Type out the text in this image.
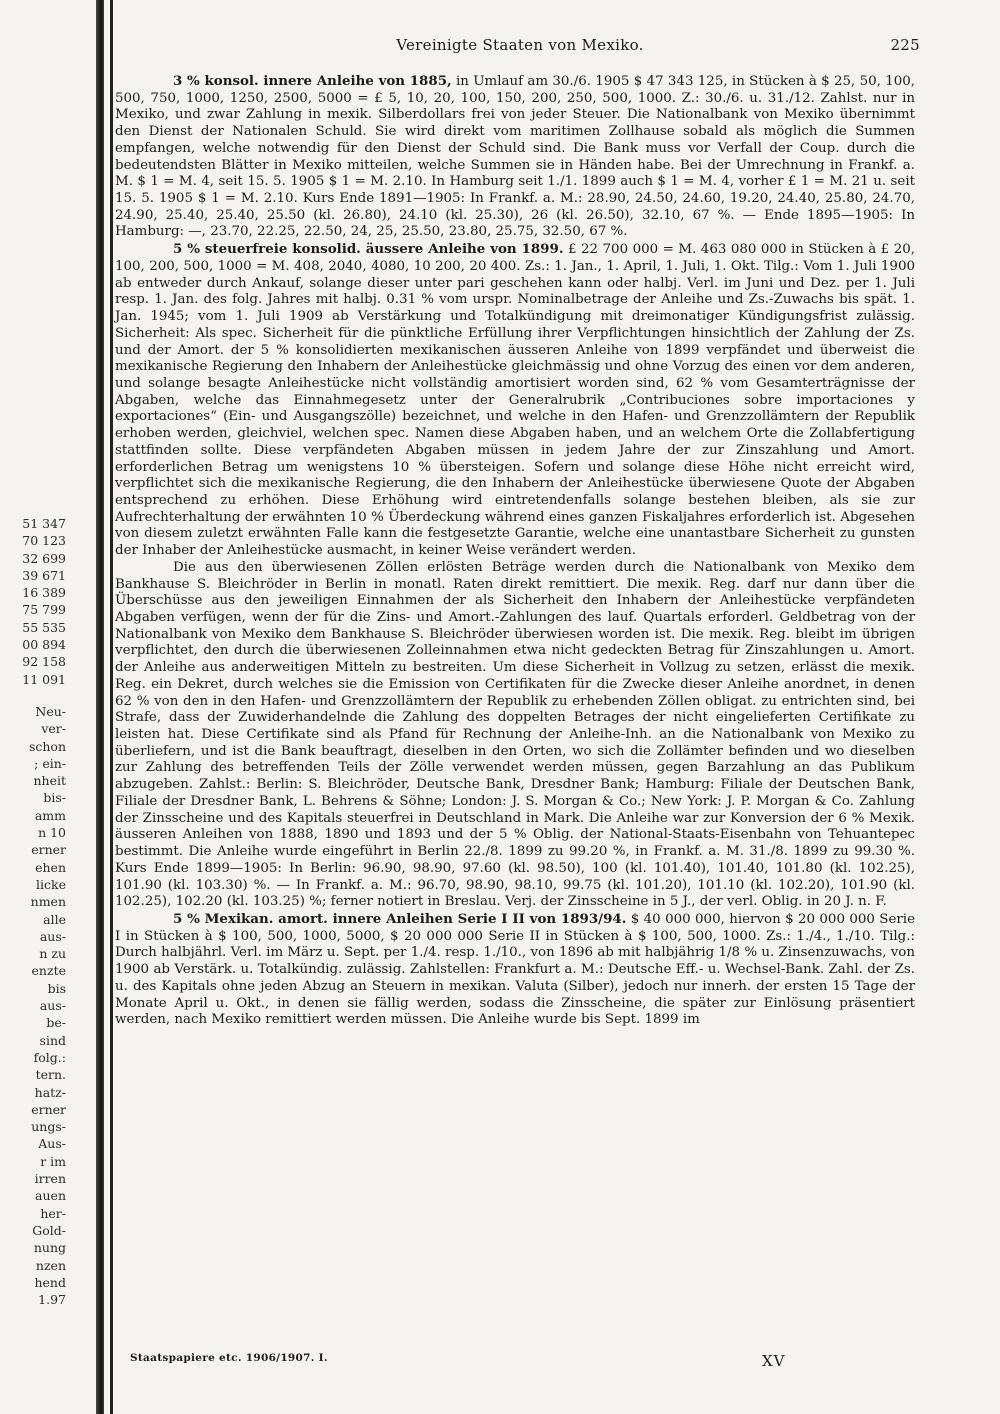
51 347
70 123
32 699
39 671
16 389
75 799
55 535
00 894
92 158
11 091
Neu-
ver-
schon
; ein-
nheit
bis-
amm
n 10
erner
ehen
licke
nmen
alle
aus-
n zu
enzte
bis
aus-
be-
sind
folg.:
tern.
hatz-
erner
ungs-
Aus-
r im
irren
auen
her-
Gold-
nung
nzen
hend
1.97
Vereinigte Staaten von Mexiko.	225

3 % konsol. innere Anleihe von 1885, in Umlauf am 30./6. 1905 $ 47 343 125, in Stücken à $ 25, 50, 100, 500, 750, 1000, 1250, 2500, 5000 = £ 5, 10, 20, 100, 150, 200, 250, 500, 1000. Z.: 30./6. u. 31./12. Zahlst. nur in Mexiko, und zwar Zahlung in mexik. Silberdollars frei von jeder Steuer. Die Nationalbank von Mexiko übernimmt den Dienst der Nationalen Schuld. Sie wird direkt vom maritimen Zollhause sobald als möglich die Summen empfangen, welche notwendig für den Dienst der Schuld sind. Die Bank muss vor Verfall der Coup. durch die bedeutendsten Blätter in Mexiko mitteilen, welche Summen sie in Händen habe. Bei der Umrechnung in Frankf. a. M. $ 1 = M. 4, seit 15. 5. 1905 $ 1 = M. 2.10. In Hamburg seit 1./1. 1899 auch $ 1 = M. 4, vorher £ 1 = M. 21 u. seit 15. 5. 1905 $ 1 = M. 2.10. Kurs Ende 1891—1905: In Frankf. a. M.: 28.90, 24.50, 24.60, 19.20, 24.40, 25.80, 24.70, 24.90, 25.40, 25.40, 25.50 (kl. 26.80), 24.10 (kl. 25.30), 26 (kl. 26.50), 32.10, 67 %. — Ende 1895—1905: In Hamburg: —, 23.70, 22.25, 22.50, 24, 25, 25.50, 23.80, 25.75, 32.50, 67 %.

5 % steuerfreie konsolid. äussere Anleihe von 1899. £ 22 700 000 = M. 463 080 000 in Stücken à £ 20, 100, 200, 500, 1000 = M. 408, 2040, 4080, 10 200, 20 400. Zs.: 1. Jan., 1. April, 1. Juli, 1. Okt. Tilg.: Vom 1. Juli 1900 ab entweder durch Ankauf, solange dieser unter pari geschehen kann oder halbj. Verl. im Juni und Dez. per 1. Juli resp. 1. Jan. des folg. Jahres mit halbj. 0.31 % vom urspr. Nominalbetrage der Anleihe und Zs.-Zuwachs bis spät. 1. Jan. 1945; vom 1. Juli 1909 ab Verstärkung und Totalkündigung mit dreimonatiger Kündigungsfrist zulässig. Sicherheit: Als spec. Sicherheit für die pünktliche Erfüllung ihrer Verpflichtungen hinsichtlich der Zahlung der Zs. und der Amort. der 5 % konsolidierten mexikanischen äusseren Anleihe von 1899 verpfändet und überweist die mexikanische Regierung den Inhabern der Anleihestücke gleichmässig und ohne Vorzug des einen vor dem anderen, und solange besagte Anleihestücke nicht vollständig amortisiert worden sind, 62 % vom Gesamterträgnisse der Abgaben, welche das Einnahmegesetz unter der Generalrubrik „Contribuciones sobre importaciones y exportaciones“ (Ein- und Ausgangszölle) bezeichnet, und welche in den Hafen- und Grenzzollämtern der Republik erhoben werden, gleichviel, welchen spec. Namen diese Abgaben haben, und an welchem Orte die Zollabfertigung stattfinden sollte. Diese verpfändeten Abgaben müssen in jedem Jahre der zur Zinszahlung und Amort. erforderlichen Betrag um wenigstens 10 % übersteigen. Sofern und solange diese Höhe nicht erreicht wird, verpflichtet sich die mexikanische Regierung, die den Inhabern der Anleihestücke überwiesene Quote der Abgaben entsprechend zu erhöhen. Diese Erhöhung wird eintretendenfalls solange bestehen bleiben, als sie zur Aufrechterhaltung der erwähnten 10 % Überdeckung während eines ganzen Fiskaljahres erforderlich ist. Abgesehen von diesem zuletzt erwähnten Falle kann die festgesetzte Garantie, welche eine unantastbare Sicherheit zu gunsten der Inhaber der Anleihestücke ausmacht, in keiner Weise verändert werden.

Die aus den überwiesenen Zöllen erlösten Beträge werden durch die Nationalbank von Mexiko dem Bankhause S. Bleichröder in Berlin in monatl. Raten direkt remittiert. Die mexik. Reg. darf nur dann über die Überschüsse aus den jeweiligen Einnahmen der als Sicherheit den Inhabern der Anleihestücke verpfändeten Abgaben verfügen, wenn der für die Zins- und Amort.-Zahlungen des lauf. Quartals erforderl. Geldbetrag von der Nationalbank von Mexiko dem Bankhause S. Bleichröder überwiesen worden ist. Die mexik. Reg. bleibt im übrigen verpflichtet, den durch die überwiesenen Zolleinnahmen etwa nicht gedeckten Betrag für Zinszahlungen u. Amort. der Anleihe aus anderweitigen Mitteln zu bestreiten. Um diese Sicherheit in Vollzug zu setzen, erlässt die mexik. Reg. ein Dekret, durch welches sie die Emission von Certifikaten für die Zwecke dieser Anleihe anordnet, in denen 62 % von den in den Hafen- und Grenzzollämtern der Republik zu erhebenden Zöllen obligat. zu entrichten sind, bei Strafe, dass der Zuwiderhandelnde die Zahlung des doppelten Betrages der nicht eingelieferten Certifikate zu leisten hat. Diese Certifikate sind als Pfand für Rechnung der Anleihe-Inh. an die Nationalbank von Mexiko zu überliefern, und ist die Bank beauftragt, dieselben in den Orten, wo sich die Zollämter befinden und wo dieselben zur Zahlung des betreffenden Teils der Zölle verwendet werden müssen, gegen Barzahlung an das Publikum abzugeben. Zahlst.: Berlin: S. Bleichröder, Deutsche Bank, Dresdner Bank; Hamburg: Filiale der Deutschen Bank, Filiale der Dresdner Bank, L. Behrens & Söhne; London: J. S. Morgan & Co.; New York: J. P. Morgan & Co. Zahlung der Zinsscheine und des Kapitals steuerfrei in Deutschland in Mark. Die Anleihe war zur Konversion der 6 % Mexik. äusseren Anleihen von 1888, 1890 und 1893 und der 5 % Oblig. der National-Staats-Eisenbahn von Tehuantepec bestimmt. Die Anleihe wurde eingeführt in Berlin 22./8. 1899 zu 99.20 %, in Frankf. a. M. 31./8. 1899 zu 99.30 %. Kurs Ende 1899—1905: In Berlin: 96.90, 98.90, 97.60 (kl. 98.50), 100 (kl. 101.40), 101.40, 101.80 (kl. 102.25), 101.90 (kl. 103.30) %. — In Frankf. a. M.: 96.70, 98.90, 98.10, 99.75 (kl. 101.20), 101.10 (kl. 102.20), 101.90 (kl. 102.25), 102.20 (kl. 103.25) %; ferner notiert in Breslau. Verj. der Zinsscheine in 5 J., der verl. Oblig. in 20 J. n. F.

5 % Mexikan. amort. innere Anleihen Serie I II von 1893/94. $ 40 000 000, hiervon $ 20 000 000 Serie I in Stücken à $ 100, 500, 1000, 5000, $ 20 000 000 Serie II in Stücken à $ 100, 500, 1000. Zs.: 1./4., 1./10. Tilg.: Durch halbjährl. Verl. im März u. Sept. per 1./4. resp. 1./10., von 1896 ab mit halbjährig 1/8 % u. Zinsenzuwachs, von 1900 ab Verstärk. u. Totalkündig. zulässig. Zahlstellen: Frankfurt a. M.: Deutsche Eff.- u. Wechsel-Bank. Zahl. der Zs. u. des Kapitals ohne jeden Abzug an Steuern in mexikan. Valuta (Silber), jedoch nur innerh. der ersten 15 Tage der Monate April u. Okt., in denen sie fällig werden, sodass die Zinsscheine, die später zur Einlösung präsentiert werden, nach Mexiko remittiert werden müssen. Die Anleihe wurde bis Sept. 1899 im

Staatspapiere etc. 1906/1907. I.	XV
